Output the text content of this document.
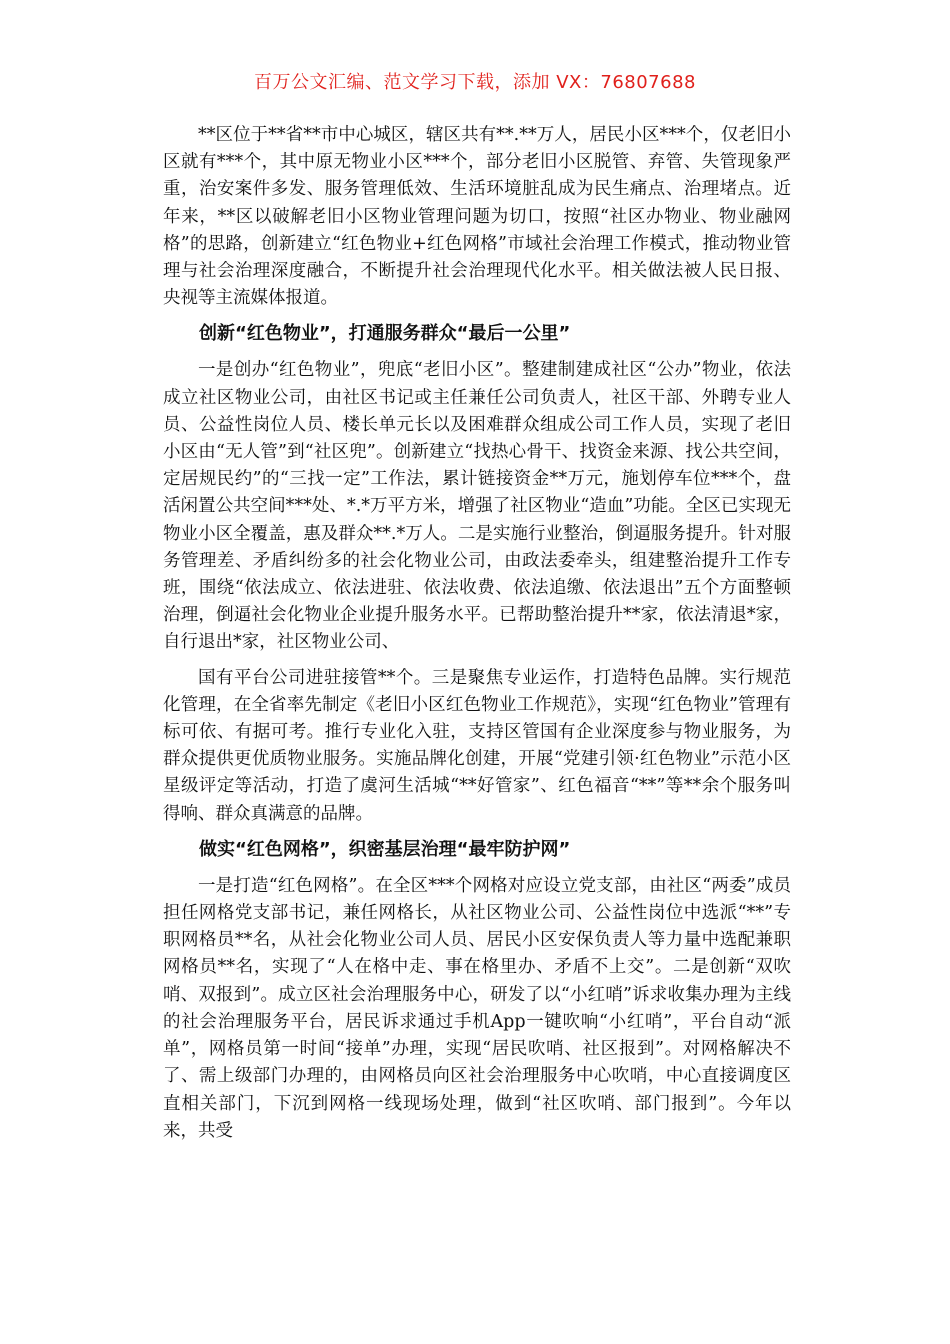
百万公文汇编、范文学习下载，添加 VX：76807688

**区位于**省**市中心城区，辖区共有**.**万人，居民小区***个，仅老旧小区就有***个，其中原无物业小区***个，部分老旧小区脱管、弃管、失管现象严重，治安案件多发、服务管理低效、生活环境脏乱成为民生痛点、治理堵点。近年来，**区以破解老旧小区物业管理问题为切口，按照“社区办物业、物业融网格”的思路，创新建立“红色物业+红色网格”市域社会治理工作模式，推动物业管理与社会治理深度融合，不断提升社会治理现代化水平。相关做法被人民日报、央视等主流媒体报道。

创新“红色物业”，打通服务群众“最后一公里”

一是创办“红色物业”，兜底“老旧小区”。整建制建成社区“公办”物业，依法成立社区物业公司，由社区书记或主任兼任公司负责人，社区干部、外聘专业人员、公益性岗位人员、楼长单元长以及困难群众组成公司工作人员，实现了老旧小区由“无人管”到“社区兜”。创新建立“找热心骨干、找资金来源、找公共空间，定居规民约”的“三找一定”工作法，累计链接资金**万元，施划停车位***个，盘活闲置公共空间***处、*.*万平方米，增强了社区物业“造血”功能。全区已实现无物业小区全覆盖，惠及群众**.*万人。二是实施行业整治，倒逼服务提升。针对服务管理差、矛盾纠纷多的社会化物业公司，由政法委牵头，组建整治提升工作专班，围绕“依法成立、依法进驻、依法收费、依法追缴、依法退出”五个方面整顿治理，倒逼社会化物业企业提升服务水平。已帮助整治提升**家，依法清退*家，自行退出*家，社区物业公司、

国有平台公司进驻接管**个。三是聚焦专业运作，打造特色品牌。实行规范化管理，在全省率先制定《老旧小区红色物业工作规范》，实现“红色物业”管理有标可依、有据可考。推行专业化入驻，支持区管国有企业深度参与物业服务，为群众提供更优质物业服务。实施品牌化创建，开展“党建引领·红色物业”示范小区星级评定等活动，打造了虞河生活城“**好管家”、红色福音“**”等**余个服务叫得响、群众真满意的品牌。

做实“红色网格”，织密基层治理“最牢防护网”

一是打造“红色网格”。在全区***个网格对应设立党支部，由社区“两委”成员担任网格党支部书记，兼任网格长，从社区物业公司、公益性岗位中选派“**”专职网格员**名，从社会化物业公司人员、居民小区安保负责人等力量中选配兼职网格员**名，实现了“人在格中走、事在格里办、矛盾不上交”。二是创新“双吹哨、双报到”。成立区社会治理服务中心，研发了以“小红哨”诉求收集办理为主线的社会治理服务平台，居民诉求通过手机App一键吹响“小红哨”，平台自动“派单”，网格员第一时间“接单”办理，实现“居民吹哨、社区报到”。对网格解决不了、需上级部门办理的，由网格员向区社会治理服务中心吹哨，中心直接调度区直相关部门，下沉到网格一线现场处理，做到“社区吹哨、部门报到”。今年以来，共受
